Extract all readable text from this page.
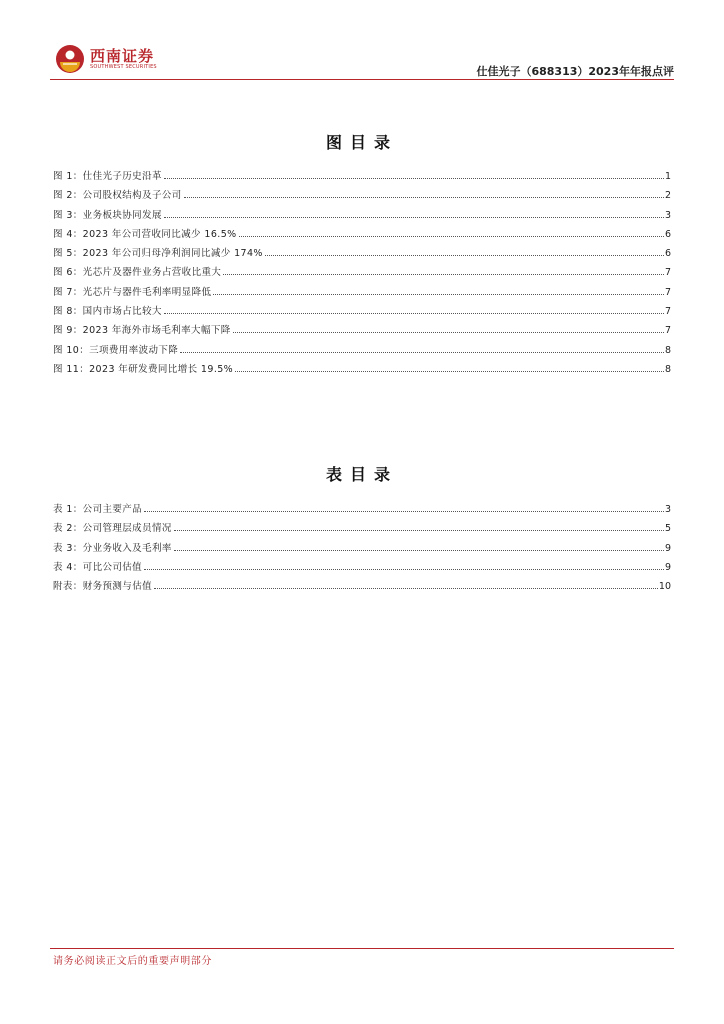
西南证券
SOUTHWEST SECURITIES	仕佳光子（688313）2023年年报点评
图目录
图 1：仕佳光子历史沿革	1
图 2：公司股权结构及子公司	2
图 3：业务板块协同发展	3
图 4：2023 年公司营收同比减少 16.5%	6
图 5：2023 年公司归母净利润同比减少 174%	6
图 6：光芯片及器件业务占营收比重大	7
图 7：光芯片与器件毛利率明显降低	7
图 8：国内市场占比较大	7
图 9：2023 年海外市场毛利率大幅下降	7
图 10：三项费用率波动下降	8
图 11：2023 年研发费同比增长 19.5%	8
表目录
表 1：公司主要产品	3
表 2：公司管理层成员情况	5
表 3：分业务收入及毛利率	9
表 4：可比公司估值	9
附表：财务预测与估值	10
请务必阅读正文后的重要声明部分
